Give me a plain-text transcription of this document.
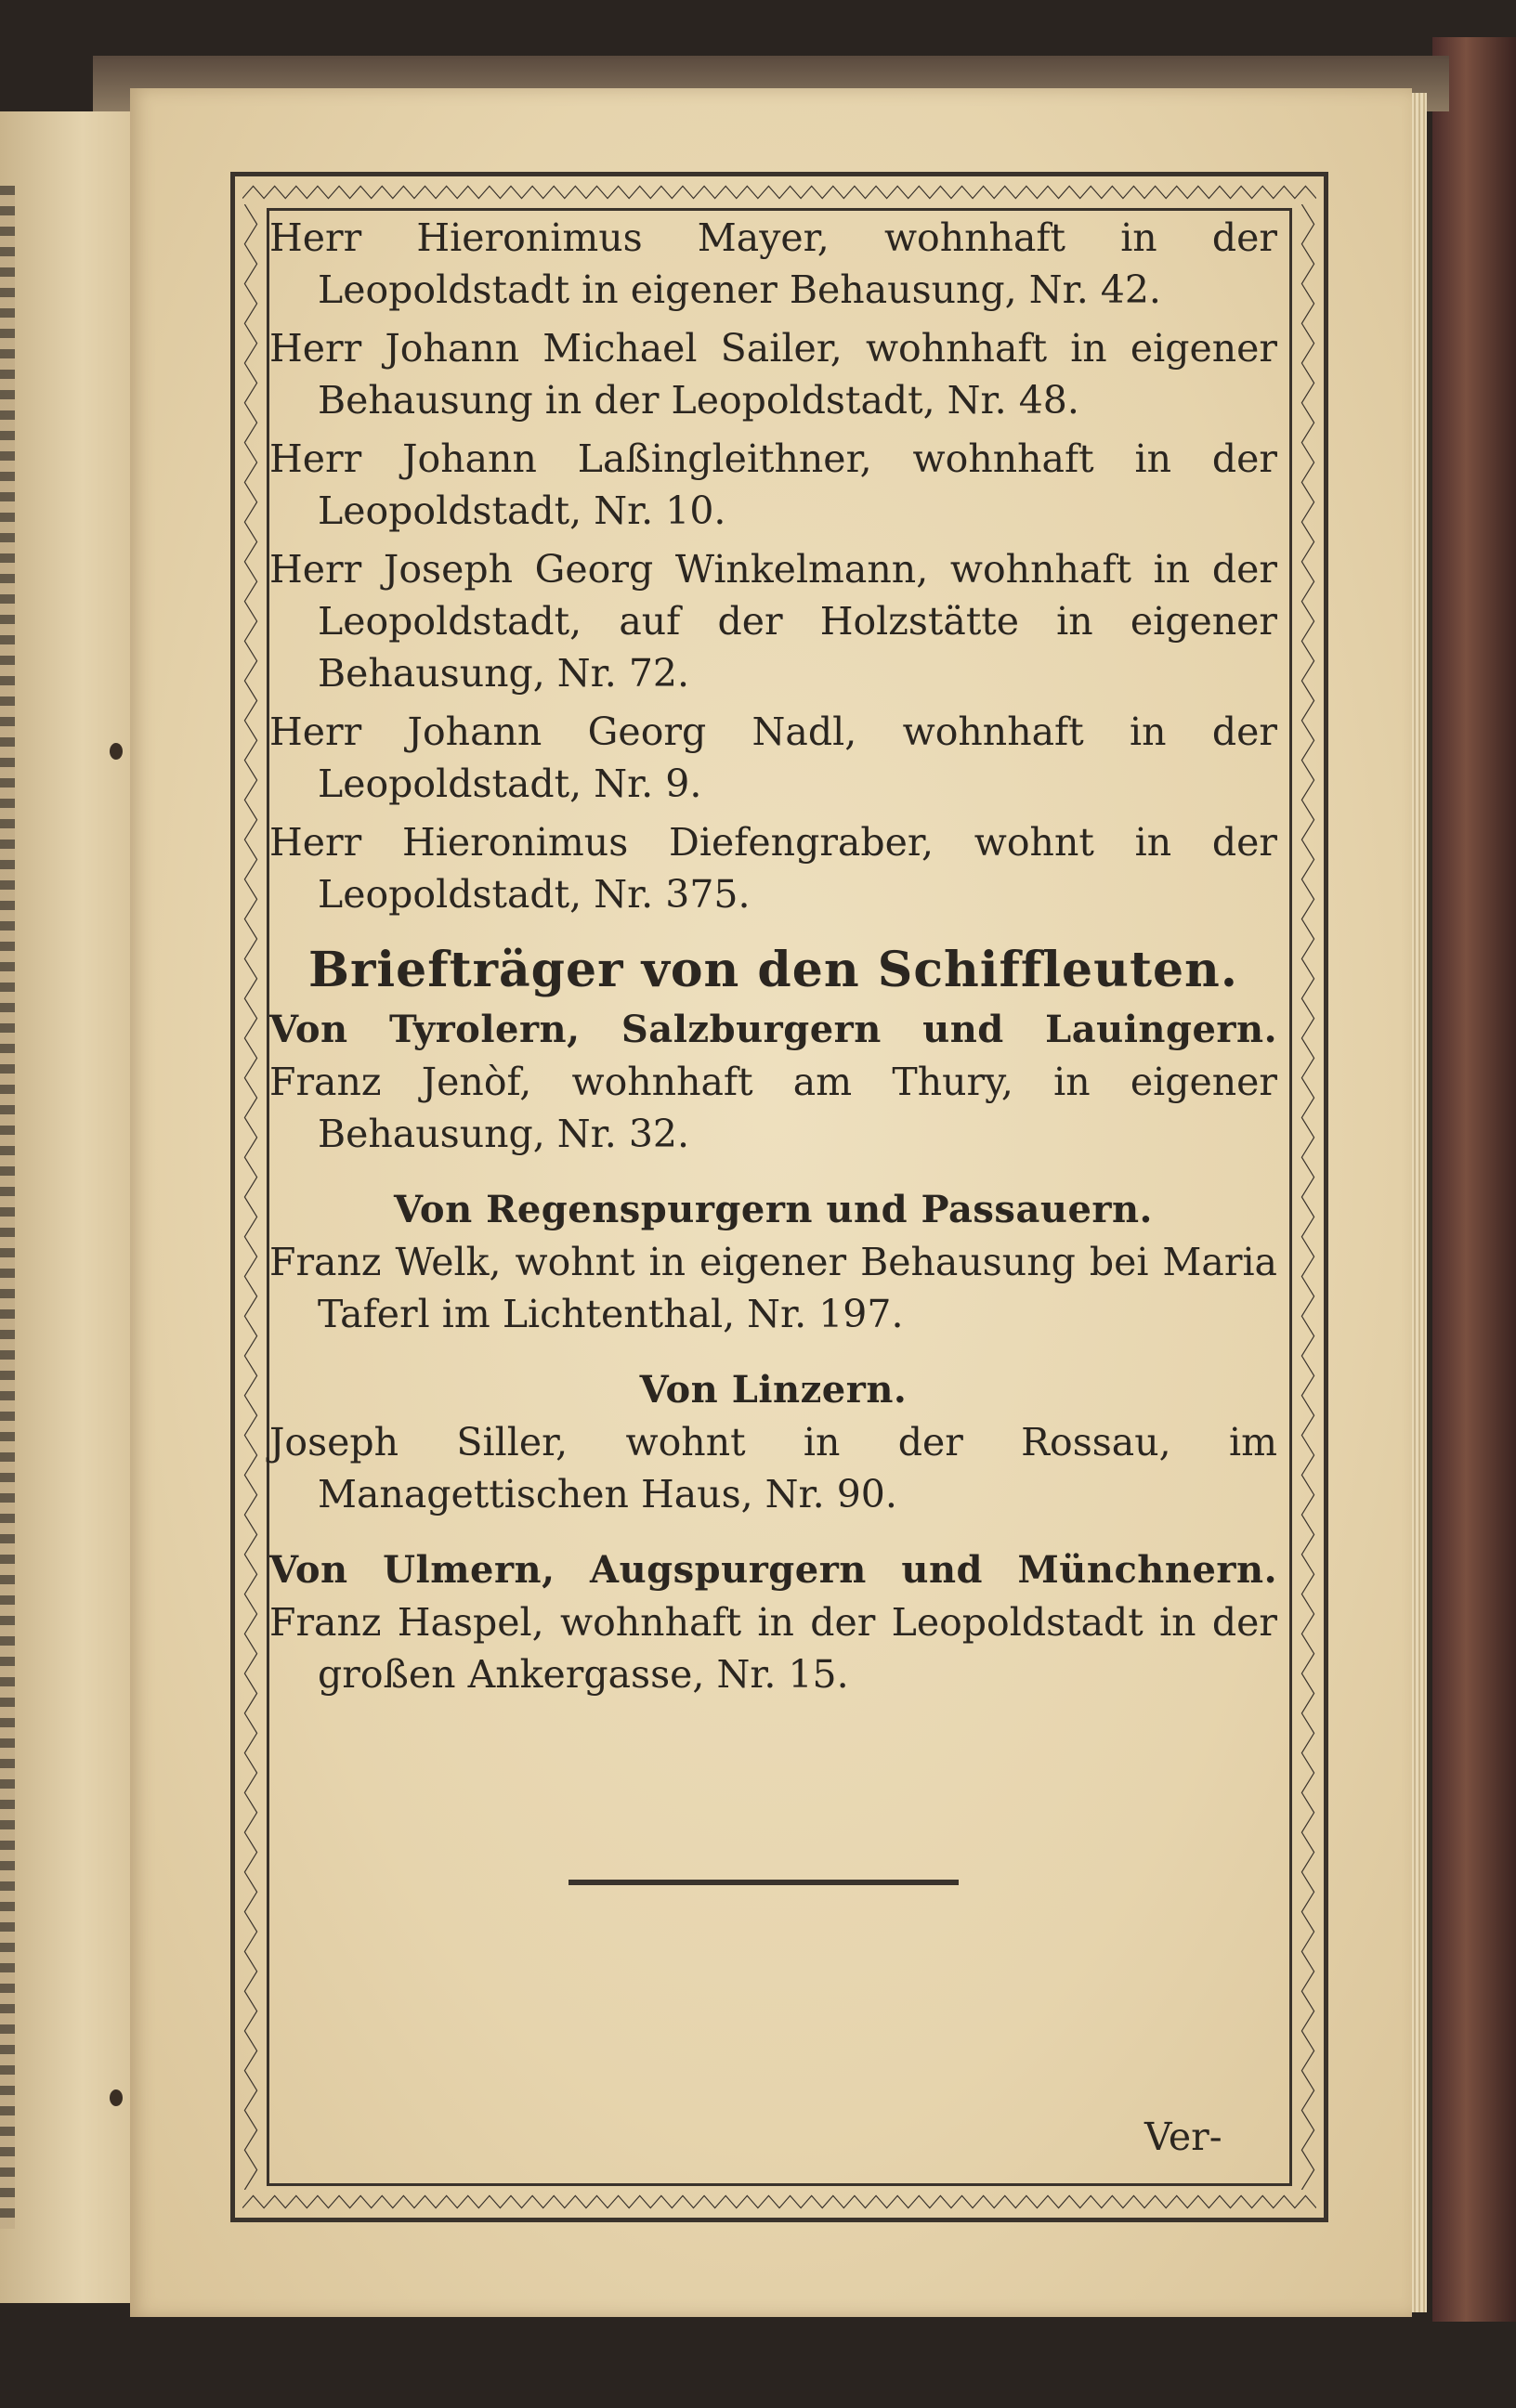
Herr Hieronimus Mayer, wohnhaft in der Leopoldstadt in eigener Behausung, Nr. 42.

Herr Johann Michael Sailer, wohnhaft in eigener Behausung in der Leopoldstadt, Nr. 48.

Herr Johann Laßingleithner, wohnhaft in der Leopoldstadt, Nr. 10.

Herr Joseph Georg Winkelmann, wohnhaft in der Leopoldstadt, auf der Holzstätte in eigener Behausung, Nr. 72.

Herr Johann Georg Nadl, wohnhaft in der Leopoldstadt, Nr. 9.

Herr Hieronimus Diefengraber, wohnt in der Leopoldstadt, Nr. 375.

Briefträger von den Schiffleuten.

Von Tyrolern, Salzburgern und Lauingern.

Franz Jenòf, wohnhaft am Thury, in eigener Behausung, Nr. 32.

Von Regenspurgern und Passauern.

Franz Welk, wohnt in eigener Behausung bei Maria Taferl im Lichtenthal, Nr. 197.

Von Linzern.

Joseph Siller, wohnt in der Rossau, im Managettischen Haus, Nr. 90.

Von Ulmern, Augspurgern und Münchnern.

Franz Haspel, wohnhaft in der Leopoldstadt in der großen Ankergasse, Nr. 15.

Ver-
